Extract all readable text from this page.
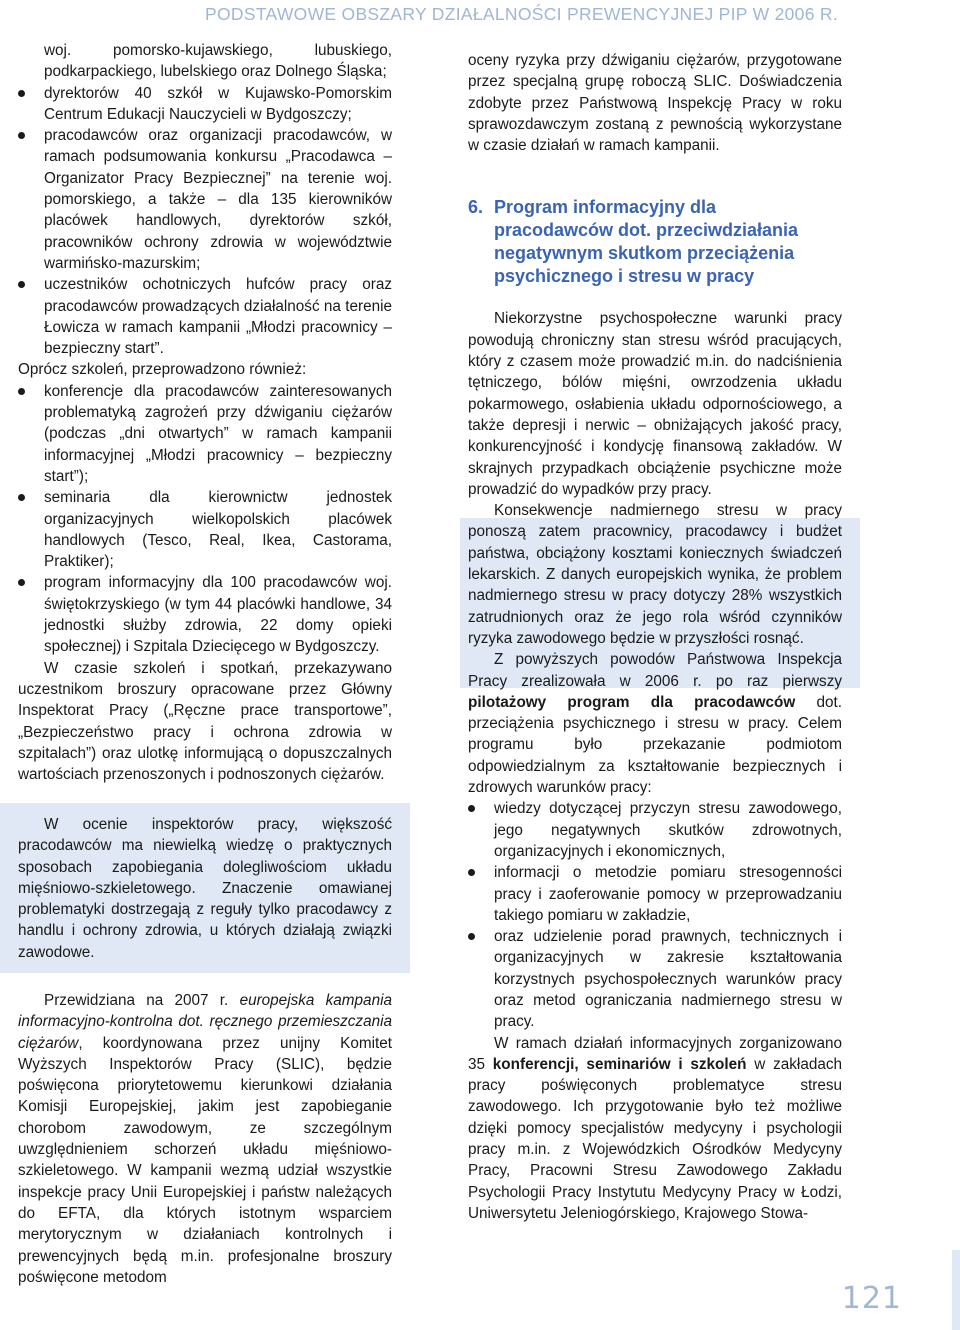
PODSTAWOWE OBSZARY DZIAŁALNOŚCI PREWENCYJNEJ PIP W 2006 R.
woj. pomorsko-kujawskiego, lubuskiego, podkarpackiego, lubelskiego oraz Dolnego Śląska;
dyrektorów 40 szkół w Kujawsko-Pomorskim Centrum Edukacji Nauczycieli w Bydgoszczy;
pracodawców oraz organizacji pracodawców, w ramach podsumowania konkursu „Pracodawca – Organizator Pracy Bezpiecznej” na terenie woj. pomorskiego, a także – dla 135 kierowników placówek handlowych, dyrektorów szkół, pracowników ochrony zdrowia w województwie warmińsko-mazurskim;
uczestników ochotniczych hufców pracy oraz pracodawców prowadzących działalność na terenie Łowicza w ramach kampanii „Młodzi pracownicy – bezpieczny start”.

Oprócz szkoleń, przeprowadzono również:

konferencje dla pracodawców zainteresowanych problematyką zagrożeń przy dźwiganiu ciężarów (podczas „dni otwartych” w ramach kampanii informacyjnej „Młodzi pracownicy – bezpieczny start”);
seminaria dla kierownictw jednostek organizacyjnych wielkopolskich placówek handlowych (Tesco, Real, Ikea, Castorama, Praktiker);
program informacyjny dla 100 pracodawców woj. świętokrzyskiego (w tym 44 placówki handlowe, 34 jednostki służby zdrowia, 22 domy opieki społecznej) i Szpitala Dziecięcego w Bydgoszczy.

W czasie szkoleń i spotkań, przekazywano uczestnikom broszury opracowane przez Główny Inspektorat Pracy („Ręczne prace transportowe”, „Bezpieczeństwo pracy i ochrona zdrowia w szpitalach”) oraz ulotkę informującą o dopuszczalnych wartościach przenoszonych i podnoszonych ciężarów.

W ocenie inspektorów pracy, większość pracodawców ma niewielką wiedzę o praktycznych sposobach zapobiegania dolegliwościom układu mięśniowo-szkieletowego. Znaczenie omawianej problematyki dostrzegają z reguły tylko pracodawcy z handlu i ochrony zdrowia, u których działają związki zawodowe.

Przewidziana na 2007 r. europejska kampania informacyjno-kontrolna dot. ręcznego przemieszczania ciężarów, koordynowana przez unijny Komitet Wyższych Inspektorów Pracy (SLIC), będzie poświęcona priorytetowemu kierunkowi działania Komisji Europejskiej, jakim jest zapobieganie chorobom zawodowym, ze szczególnym uwzględnieniem schorzeń układu mięśniowo-szkieletowego. W kampanii wezmą udział wszystkie inspekcje pracy Unii Europejskiej i państw należących do EFTA, dla których istotnym wsparciem merytorycznym w działaniach kontrolnych i prewencyjnych będą m.in. profesjonalne broszury poświęcone metodom

oceny ryzyka przy dźwiganiu ciężarów, przygotowane przez specjalną grupę roboczą SLIC. Doświadczenia zdobyte przez Państwową Inspekcję Pracy w roku sprawozdawczym zostaną z pewnością wykorzystane w czasie działań w ramach kampanii.

6. Program informacyjny dla
pracodawców dot. przeciwdziałania
negatywnym skutkom przeciążenia
psychicznego i stresu w pracy

Niekorzystne psychospołeczne warunki pracy powodują chroniczny stan stresu wśród pracujących, który z czasem może prowadzić m.in. do nadciśnienia tętniczego, bólów mięśni, owrzodzenia układu pokarmowego, osłabienia układu odpornościowego, a także depresji i nerwic – obniżających jakość pracy, konkurencyjność i kondycję finansową zakładów. W skrajnych przypadkach obciążenie psychiczne może prowadzić do wypadków przy pracy.

Konsekwencje nadmiernego stresu w pracy ponoszą zatem pracownicy, pracodawcy i budżet państwa, obciążony kosztami koniecznych świadczeń lekarskich. Z danych europejskich wynika, że problem nadmiernego stresu w pracy dotyczy 28% wszystkich zatrudnionych oraz że jego rola wśród czynników ryzyka zawodowego będzie w przyszłości rosnąć.

Z powyższych powodów Państwowa Inspekcja Pracy zrealizowała w 2006 r. po raz pierwszy pilotażowy program dla pracodawców dot. przeciążenia psychicznego i stresu w pracy. Celem programu było przekazanie podmiotom odpowiedzialnym za kształtowanie bezpiecznych i zdrowych warunków pracy:

wiedzy dotyczącej przyczyn stresu zawodowego, jego negatywnych skutków zdrowotnych, organizacyjnych i ekonomicznych,
informacji o metodzie pomiaru stresogenności pracy i zaoferowanie pomocy w przeprowadzaniu takiego pomiaru w zakładzie,
oraz udzielenie porad prawnych, technicznych i organizacyjnych w zakresie kształtowania korzystnych psychospołecznych warunków pracy oraz metod ograniczania nadmiernego stresu w pracy.

W ramach działań informacyjnych zorganizowano 35 konferencji, seminariów i szkoleń w zakładach pracy poświęconych problematyce stresu zawodowego. Ich przygotowanie było też możliwe dzięki pomocy specjalistów medycyny i psychologii pracy m.in. z Wojewódzkich Ośrodków Medycyny Pracy, Pracowni Stresu Zawodowego Zakładu Psychologii Pracy Instytutu Medycyny Pracy w Łodzi, Uniwersytetu Jeleniogórskiego, Krajowego Stowa-

121
